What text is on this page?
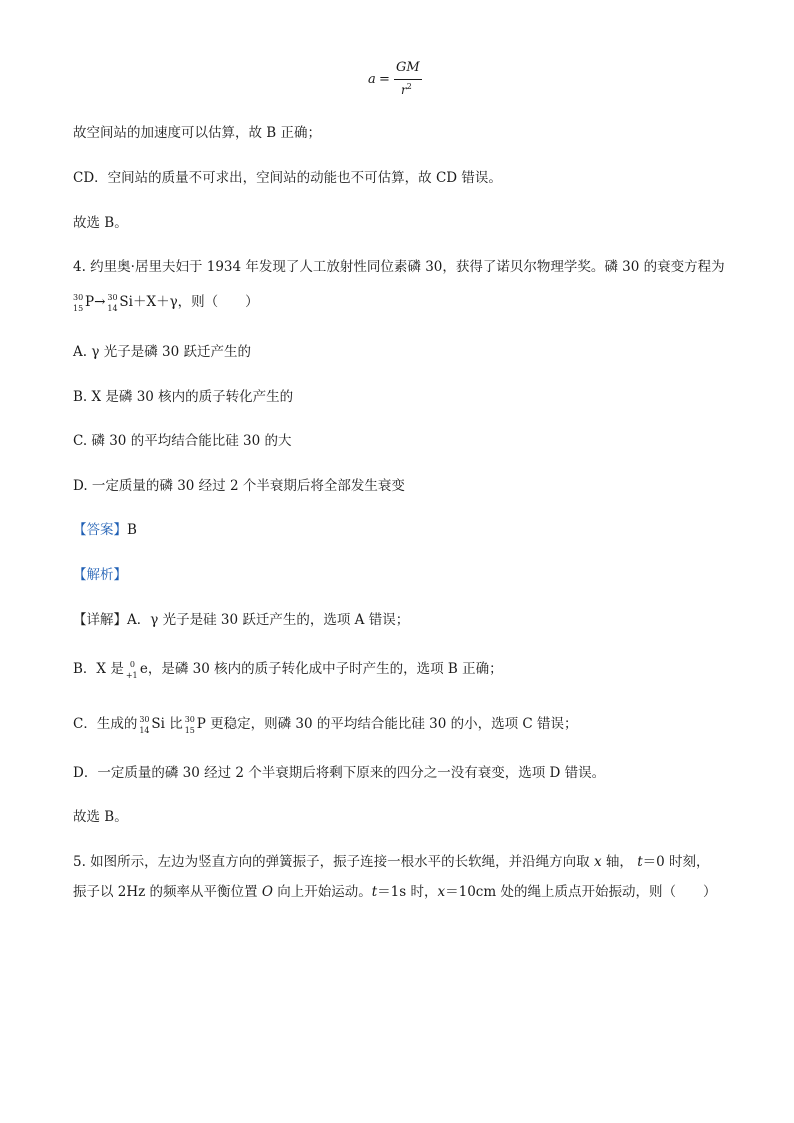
a =
GM
$r^2$
故空间站的加速度可以估算，故 B 正确；
CD．空间站的质量不可求出，空间站的动能也不可估算，故 CD 错误。
故选 B。
4. 约里奥·居里夫妇于 1934 年发现了人工放射性同位素磷 30，获得了诺贝尔物理学奖。磷 30 的衰变方程为
30
15 P→ 30
14 Si＋X＋γ，则（　　）
A. γ 光子是磷 30 跃迁产生的
B. X 是磷 30 核内的质子转化产生的
C. 磷 30 的平均结合能比硅 30 的大
D. 一定质量的磷 30 经过 2 个半衰期后将全部发生衰变
【答案】B
【解析】
【详解】A．γ 光子是硅 30 跃迁产生的，选项 A 错误；
B．X 是 0
+1 e，是磷 30 核内的质子转化成中子时产生的，选项 B 正确；
C．生成的 30
14 Si 比 30
15 P 更稳定，则磷 30 的平均结合能比硅 30 的小，选项 C 错误；
D．一定质量的磷 30 经过 2 个半衰期后将剩下原来的四分之一没有衰变，选项 D 错误。
故选 B。
5. 如图所示，左边为竖直方向的弹簧振子，振子连接一根水平的长软绳，并沿绳方向取 x 轴， t＝0 时刻，
振子以 2Hz 的频率从平衡位置 O 向上开始运动。t＝1s 时，x＝10cm 处的绳上质点开始振动，则（　　）
